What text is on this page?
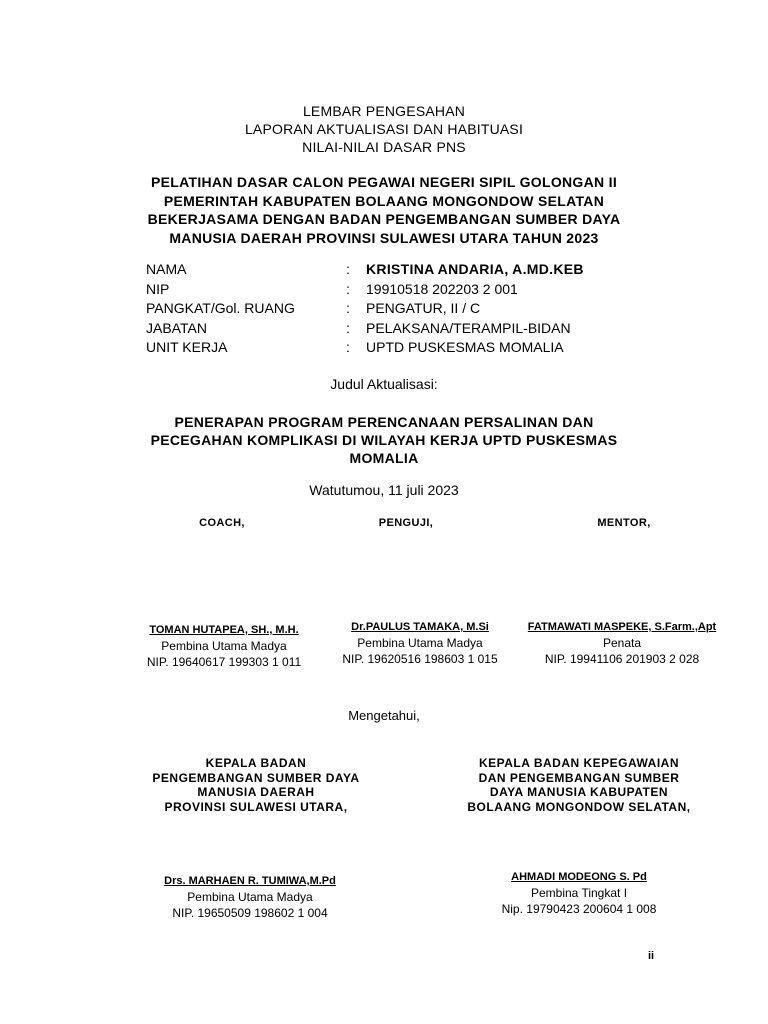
LEMBAR PENGESAHAN
LAPORAN AKTUALISASI DAN HABITUASI
NILAI-NILAI DASAR PNS
PELATIHAN DASAR CALON PEGAWAI NEGERI SIPIL GOLONGAN II
PEMERINTAH KABUPATEN BOLAANG MONGONDOW SELATAN
BEKERJASAMA DENGAN BADAN PENGEMBANGAN SUMBER DAYA
MANUSIA DAERAH PROVINSI SULAWESI UTARA TAHUN 2023
NAMA	: KRISTINA ANDARIA, A.MD.KEB
NIP	: 19910518 202203 2 001
PANGKAT/Gol. RUANG	: PENGATUR, II / C
JABATAN	: PELAKSANA/TERAMPIL-BIDAN
UNIT KERJA	: UPTD PUSKESMAS MOMALIA
Judul Aktualisasi:
PENERAPAN PROGRAM PERENCANAAN PERSALINAN DAN
PECEGAHAN KOMPLIKASI DI WILAYAH KERJA UPTD PUSKESMAS
MOMALIA
Watutumou, 11 juli 2023
COACH,	PENGUJI,	MENTOR,
TOMAN HUTAPEA, SH., M.H.
Pembina Utama Madya
NIP. 19640617 199303 1 011
Dr.PAULUS TAMAKA, M.Si
Pembina Utama Madya
NIP. 19620516 198603 1 015
FATMAWATI MASPEKE, S.Farm.,Apt
Penata
NIP. 19941106 201903 2 028
Mengetahui,
KEPALA BADAN
PENGEMBANGAN SUMBER DAYA
MANUSIA DAERAH
PROVINSI SULAWESI UTARA,
KEPALA BADAN KEPEGAWAIAN
DAN PENGEMBANGAN SUMBER
DAYA MANUSIA KABUPATEN
BOLAANG MONGONDOW SELATAN,
Drs. MARHAEN R. TUMIWA,M.Pd
Pembina Utama Madya
NIP. 19650509 198602 1 004
AHMADI MODEONG S. Pd
Pembina Tingkat I
Nip. 19790423 200604 1 008
ii
